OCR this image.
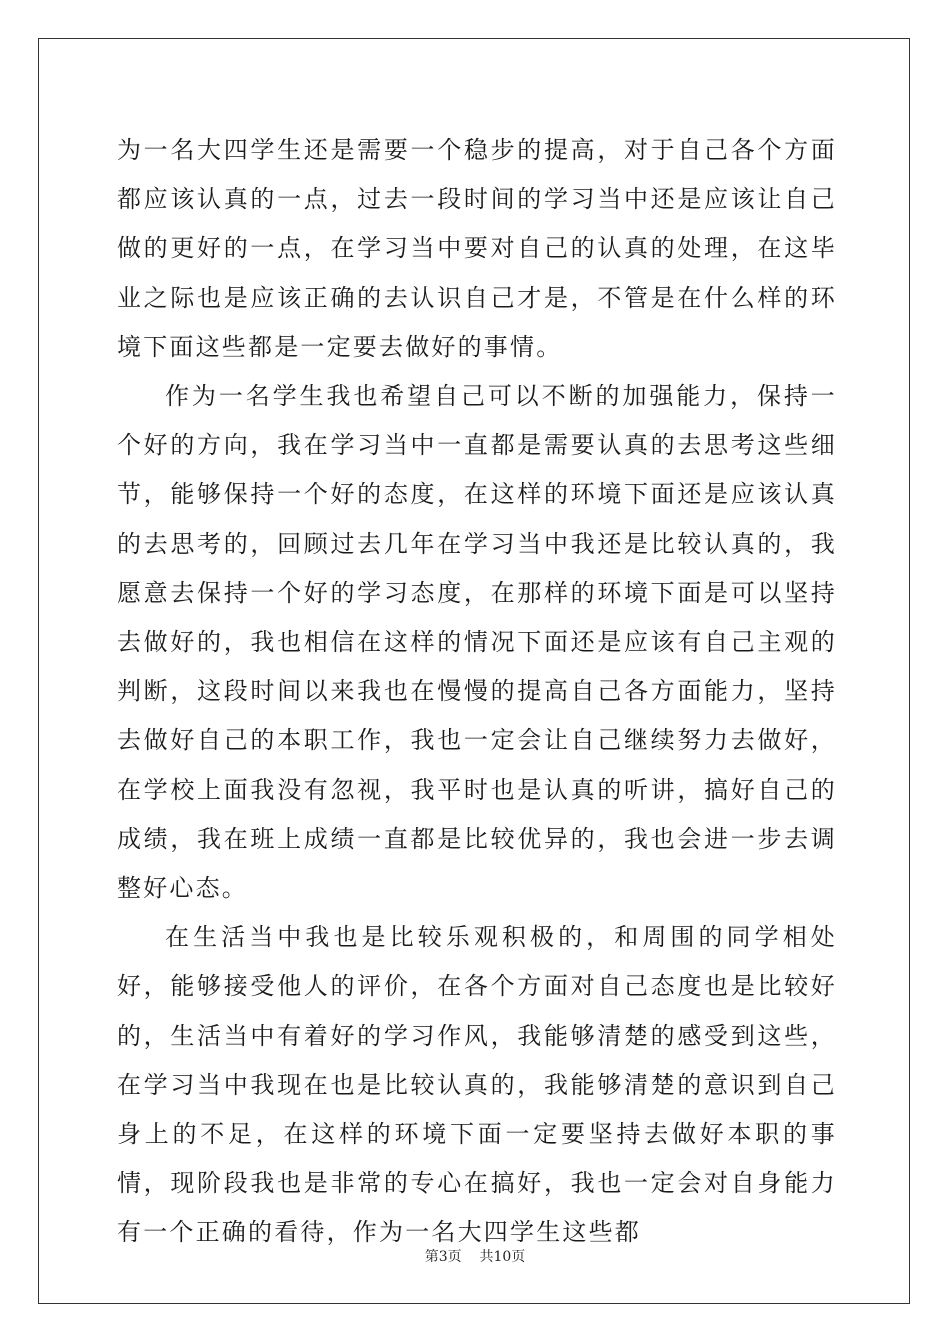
为一名大四学生还是需要一个稳步的提高，对于自己各个方面都应该认真的一点，过去一段时间的学习当中还是应该让自己做的更好的一点，在学习当中要对自己的认真的处理，在这毕业之际也是应该正确的去认识自己才是，不管是在什么样的环境下面这些都是一定要去做好的事情。

作为一名学生我也希望自己可以不断的加强能力，保持一个好的方向，我在学习当中一直都是需要认真的去思考这些细节，能够保持一个好的态度，在这样的环境下面还是应该认真的去思考的，回顾过去几年在学习当中我还是比较认真的，我愿意去保持一个好的学习态度，在那样的环境下面是可以坚持去做好的，我也相信在这样的情况下面还是应该有自己主观的判断，这段时间以来我也在慢慢的提高自己各方面能力，坚持去做好自己的本职工作，我也一定会让自己继续努力去做好，在学校上面我没有忽视，我平时也是认真的听讲，搞好自己的成绩，我在班上成绩一直都是比较优异的，我也会进一步去调整好心态。

在生活当中我也是比较乐观积极的，和周围的同学相处好，能够接受他人的评价，在各个方面对自己态度也是比较好的，生活当中有着好的学习作风，我能够清楚的感受到这些，在学习当中我现在也是比较认真的，我能够清楚的意识到自己身上的不足，在这样的环境下面一定要坚持去做好本职的事情，现阶段我也是非常的专心在搞好，我也一定会对自身能力有一个正确的看待，作为一名大四学生这些都

第3页 共10页
